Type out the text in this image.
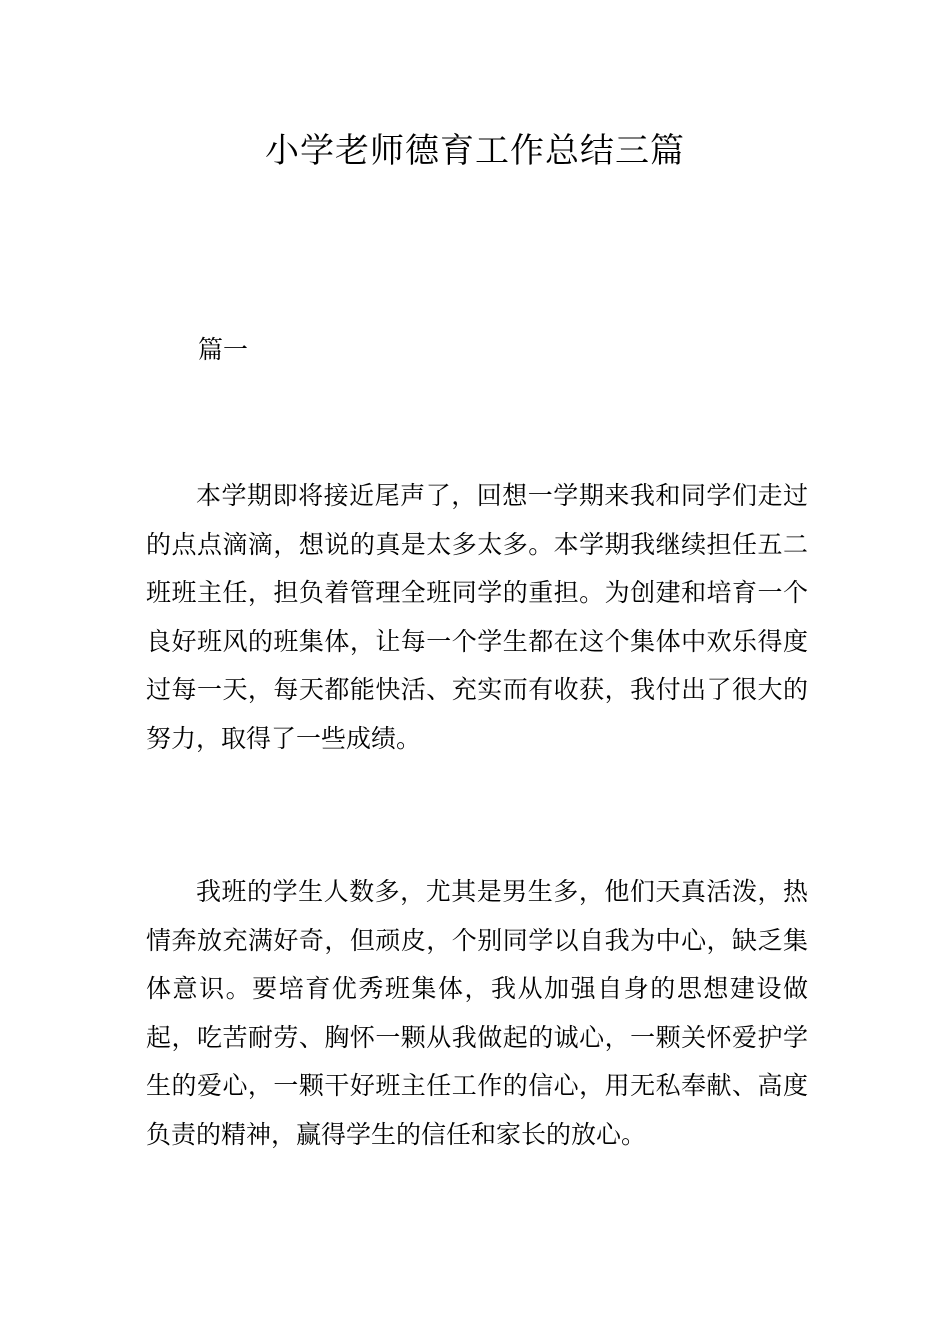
小学老师德育工作总结三篇
篇一

本学期即将接近尾声了，回想一学期来我和同学们走过的点点滴滴，想说的真是太多太多。本学期我继续担任五二班班主任，担负着管理全班同学的重担。为创建和培育一个良好班风的班集体，让每一个学生都在这个集体中欢乐得度过每一天，每天都能快活、充实而有收获，我付出了很大的努力，取得了一些成绩。

我班的学生人数多，尤其是男生多，他们天真活泼，热情奔放充满好奇，但顽皮，个别同学以自我为中心，缺乏集体意识。要培育优秀班集体，我从加强自身的思想建设做起，吃苦耐劳、胸怀一颗从我做起的诚心，一颗关怀爱护学生的爱心，一颗干好班主任工作的信心，用无私奉献、高度负责的精神，赢得学生的信任和家长的放心。
